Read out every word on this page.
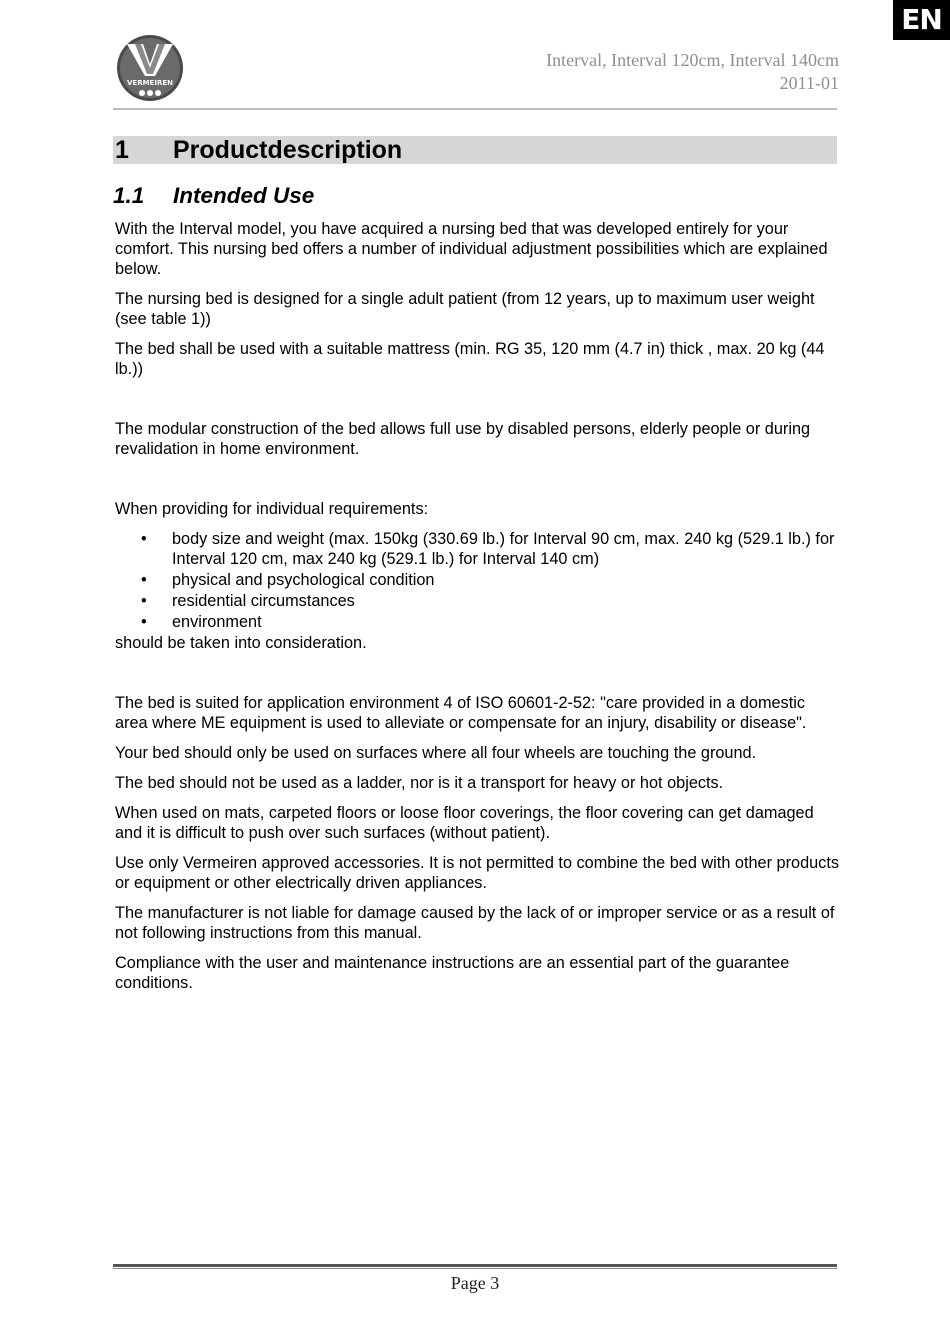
EN
VERMEIREN
Interval, Interval 120cm, Interval 140cm
2011-01
1 Productdescription
1.1 Intended Use

With the Interval model, you have acquired a nursing bed that was developed entirely for your comfort. This nursing bed offers a number of individual adjustment possibilities which are explained below.

The nursing bed is designed for a single adult patient (from 12 years, up to maximum user weight (see table 1))

The bed shall be used with a suitable mattress (min. RG 35, 120 mm (4.7 in) thick , max. 20 kg (44 lb.))

The modular construction of the bed allows full use by disabled persons, elderly people or during revalidation in home environment.

When providing for individual requirements:

• body size and weight (max. 150kg (330.69 lb.) for Interval 90 cm, max. 240 kg (529.1 lb.) for Interval 120 cm, max 240 kg (529.1 lb.) for Interval 140 cm)
• physical and psychological condition
• residential circumstances
• environment

should be taken into consideration.

The bed is suited for application environment 4 of ISO 60601-2-52: "care provided in a domestic area where ME equipment is used to alleviate or compensate for an injury, disability or disease".

Your bed should only be used on surfaces where all four wheels are touching the ground.

The bed should not be used as a ladder, nor is it a transport for heavy or hot objects.

When used on mats, carpeted floors or loose floor coverings, the floor covering can get damaged and it is difficult to push over such surfaces (without patient).

Use only Vermeiren approved accessories. It is not permitted to combine the bed with other products or equipment or other electrically driven appliances.

The manufacturer is not liable for damage caused by the lack of or improper service or as a result of not following instructions from this manual.

Compliance with the user and maintenance instructions are an essential part of the guarantee conditions.

Page 3
